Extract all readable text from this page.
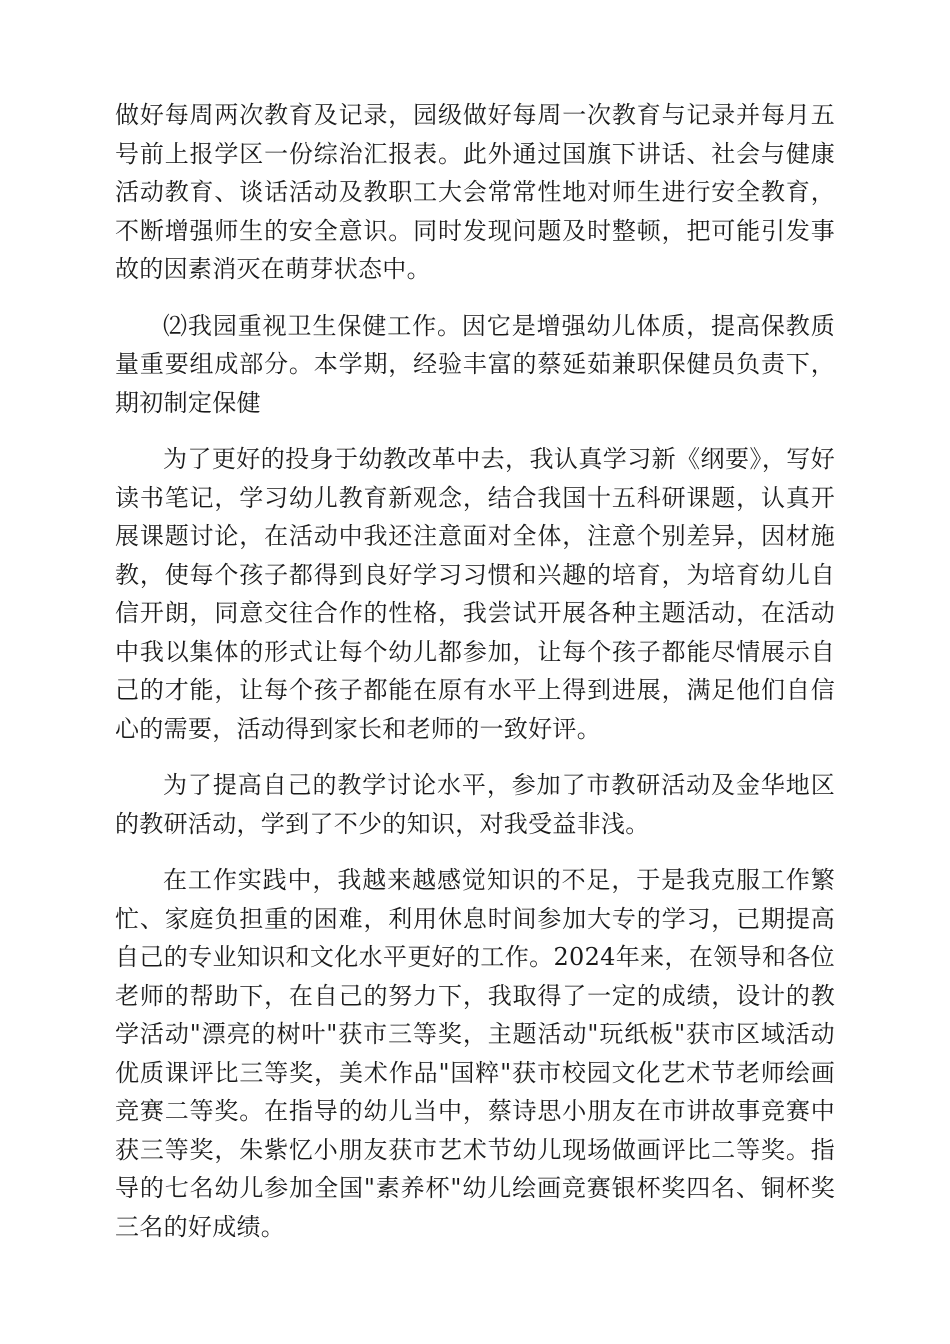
做好每周两次教育及记录，园级做好每周一次教育与记录并每月五号前上报学区一份综治汇报表。此外通过国旗下讲话、社会与健康活动教育、谈话活动及教职工大会常常性地对师生进行安全教育，不断增强师生的安全意识。同时发现问题及时整顿，把可能引发事故的因素消灭在萌芽状态中。

⑵我园重视卫生保健工作。因它是增强幼儿体质，提高保教质量重要组成部分。本学期，经验丰富的蔡延茹兼职保健员负责下，期初制定保健

为了更好的投身于幼教改革中去，我认真学习新《纲要》，写好读书笔记，学习幼儿教育新观念，结合我国十五科研课题，认真开展课题讨论，在活动中我还注意面对全体，注意个别差异，因材施教，使每个孩子都得到良好学习习惯和兴趣的培育，为培育幼儿自信开朗，同意交往合作的性格，我尝试开展各种主题活动，在活动中我以集体的形式让每个幼儿都参加，让每个孩子都能尽情展示自己的才能，让每个孩子都能在原有水平上得到进展，满足他们自信心的需要，活动得到家长和老师的一致好评。

为了提高自己的教学讨论水平，参加了市教研活动及金华地区的教研活动，学到了不少的知识，对我受益非浅。

在工作实践中，我越来越感觉知识的不足，于是我克服工作繁忙、家庭负担重的困难，利用休息时间参加大专的学习，已期提高自己的专业知识和文化水平更好的工作。2024年来，在领导和各位老师的帮助下，在自己的努力下，我取得了一定的成绩，设计的教学活动"漂亮的树叶"获市三等奖，主题活动"玩纸板"获市区域活动优质课评比三等奖，美术作品"国粹"获市校园文化艺术节老师绘画竞赛二等奖。在指导的幼儿当中，蔡诗思小朋友在市讲故事竞赛中获三等奖，朱紫忆小朋友获市艺术节幼儿现场做画评比二等奖。指导的七名幼儿参加全国"素养杯"幼儿绘画竞赛银杯奖四名、铜杯奖三名的好成绩。
